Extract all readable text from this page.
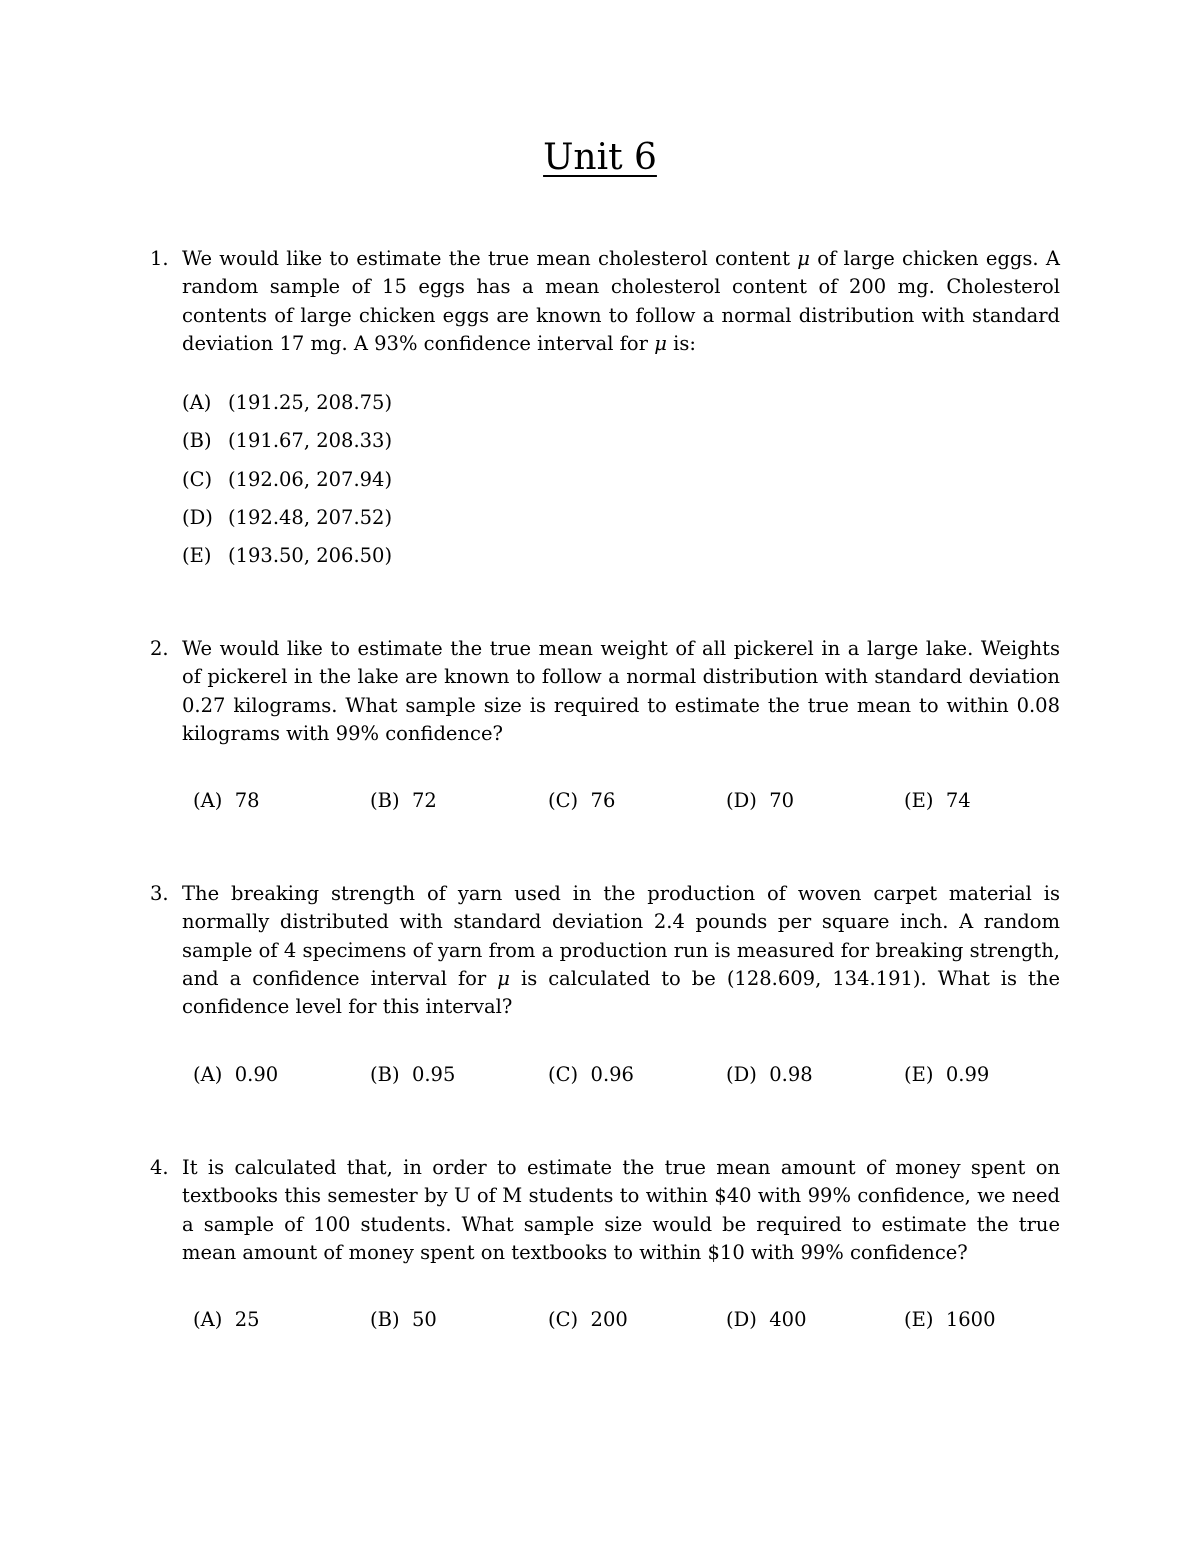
Unit 6
1. We would like to estimate the true mean cholesterol content μ of large chicken eggs. A random sample of 15 eggs has a mean cholesterol content of 200 mg. Cholesterol contents of large chicken eggs are known to follow a normal distribution with standard deviation 17 mg. A 93% confidence interval for μ is:
(A) (191.25, 208.75)
(B) (191.67, 208.33)
(C) (192.06, 207.94)
(D) (192.48, 207.52)
(E) (193.50, 206.50)
2. We would like to estimate the true mean weight of all pickerel in a large lake. Weights of pickerel in the lake are known to follow a normal distribution with standard deviation 0.27 kilograms. What sample size is required to estimate the true mean to within 0.08 kilograms with 99% confidence?
(A) 78	(B) 72	(C) 76	(D) 70	(E) 74
3. The breaking strength of yarn used in the production of woven carpet material is normally distributed with standard deviation 2.4 pounds per square inch. A random sample of 4 specimens of yarn from a production run is measured for breaking strength, and a confidence interval for μ is calculated to be (128.609, 134.191). What is the confidence level for this interval?
(A) 0.90	(B) 0.95	(C) 0.96	(D) 0.98	(E) 0.99
4. It is calculated that, in order to estimate the true mean amount of money spent on textbooks this semester by U of M students to within $40 with 99% confidence, we need a sample of 100 students. What sample size would be required to estimate the true mean amount of money spent on textbooks to within $10 with 99% confidence?
(A) 25	(B) 50	(C) 200	(D) 400	(E) 1600
